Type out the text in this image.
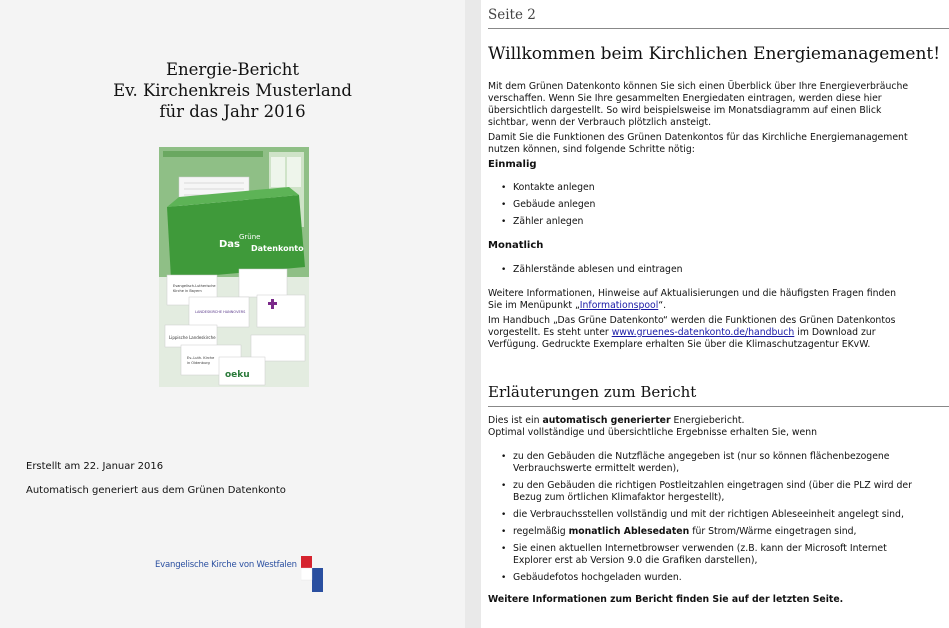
Energie-Bericht
Ev. Kirchenkreis Musterland
für das Jahr 2016
Das
Grüne
Datenkonto
Evangelisch-Lutherische
Kirche in Bayern
LANDESKIRCHE HANNOVERS
Lippische Landeskirche
Ev.-Luth. Kirche
in Oldenburg
oeku
Erstellt am 22. Januar 2016
Automatisch generiert aus dem Grünen Datenkonto
Evangelische Kirche von Westfalen
Seite 2
Willkommen beim Kirchlichen Energiemanagement!
Mit dem Grünen Datenkonto können Sie sich einen Überblick über Ihre Energieverbräuche
verschaffen. Wenn Sie Ihre gesammelten Energiedaten eintragen, werden diese hier
übersichtlich dargestellt. So wird beispielsweise im Monatsdiagramm auf einen Blick
sichtbar, wenn der Verbrauch plötzlich ansteigt.
Damit Sie die Funktionen des Grünen Datenkontos für das Kirchliche Energiemanagement
nutzen können, sind folgende Schritte nötig:
Einmalig
• Kontakte anlegen
• Gebäude anlegen
• Zähler anlegen
Monatlich
• Zählerstände ablesen und eintragen
Weitere Informationen, Hinweise auf Aktualisierungen und die häufigsten Fragen finden
Sie im Menüpunkt „Informationspool“.
Im Handbuch „Das Grüne Datenkonto“ werden die Funktionen des Grünen Datenkontos
vorgestellt. Es steht unter www.gruenes-datenkonto.de/handbuch im Download zur
Verfügung. Gedruckte Exemplare erhalten Sie über die Klimaschutzagentur EKvW.
Erläuterungen zum Bericht
Dies ist ein automatisch generierter Energiebericht.
Optimal vollständige und übersichtliche Ergebnisse erhalten Sie, wenn
• zu den Gebäuden die Nutzfläche angegeben ist (nur so können flächenbezogene
Verbrauchswerte ermittelt werden),
• zu den Gebäuden die richtigen Postleitzahlen eingetragen sind (über die PLZ wird der
Bezug zum örtlichen Klimafaktor hergestellt),
• die Verbrauchsstellen vollständig und mit der richtigen Ableseeinheit angelegt sind,
• regelmäßig monatlich Ablesedaten für Strom/Wärme eingetragen sind,
• Sie einen aktuellen Internetbrowser verwenden (z.B. kann der Microsoft Internet
Explorer erst ab Version 9.0 die Grafiken darstellen),
• Gebäudefotos hochgeladen wurden.
Weitere Informationen zum Bericht finden Sie auf der letzten Seite.
